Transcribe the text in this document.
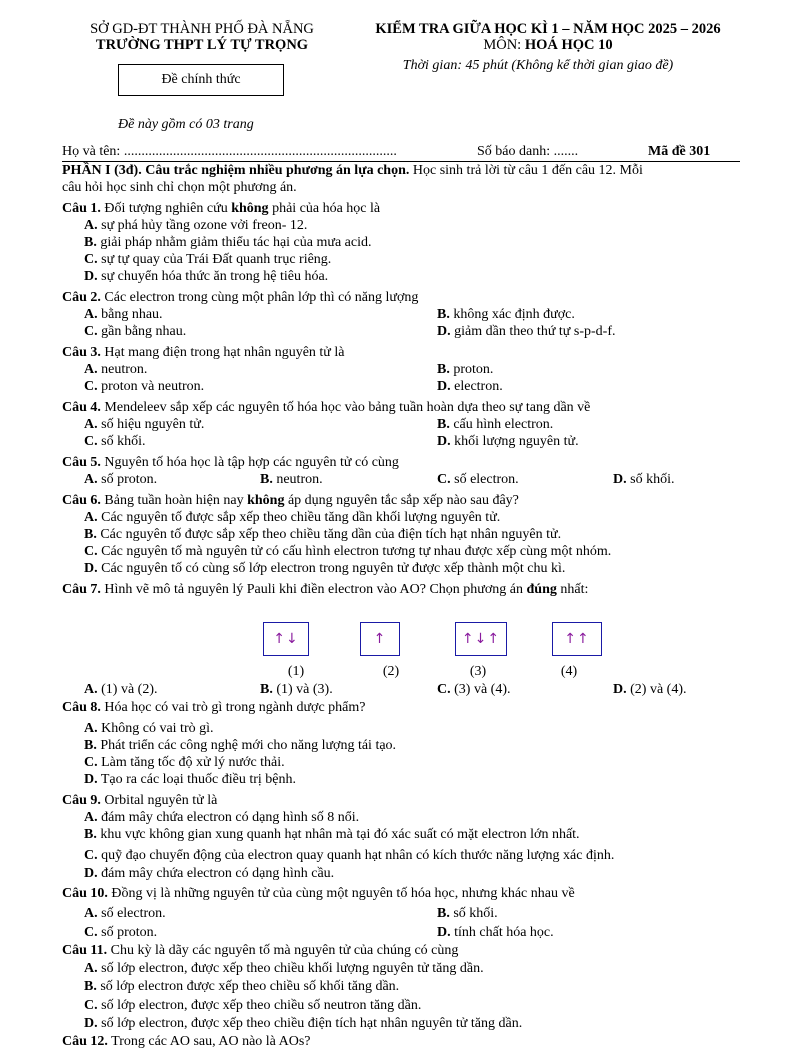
SỞ GD-ĐT THÀNH PHỐ ĐÀ NẴNG
TRƯỜNG THPT LÝ TỰ TRỌNG
KIỂM TRA GIỮA HỌC KÌ 1 – NĂM HỌC 2025 – 2026
MÔN: HOÁ HỌC 10
Thời gian: 45 phút (Không kể thời gian giao đề)
Đề chính thức
Đề này gồm có 03 trang
Họ và tên: ..............................................................................	Số báo danh: .......	Mã đề 301
PHẦN I (3đ). Câu trắc nghiệm nhiều phương án lựa chọn. Học sinh trả lời từ câu 1 đến câu 12. Mỗi
câu hỏi học sinh chỉ chọn một phương án.
Câu 1. Đối tượng nghiên cứu không phải của hóa học là
A. sự phá hủy tầng ozone vởi freon- 12.
B. giải pháp nhằm giảm thiểu tác hại của mưa acid.
C. sự tự quay của Trái Đất quanh trục riêng.
D. sự chuyển hóa thức ăn trong hệ tiêu hóa.
Câu 2. Các electron trong cùng một phân lớp thì có năng lượng
A. bằng nhau.	B. không xác định được.
C. gần bằng nhau.	D. giảm dần theo thứ tự s-p-d-f.
Câu 3. Hạt mang điện trong hạt nhân nguyên tử là
A. neutron.	B. proton.
C. proton và neutron.	D. electron.
Câu 4. Mendeleev sắp xếp các nguyên tố hóa học vào bảng tuần hoàn dựa theo sự tang dần về
A. số hiệu nguyên tử.	B. cấu hình electron.
C. số khối.	D. khối lượng nguyên tử.
Câu 5. Nguyên tố hóa học là tập hợp các nguyên tử có cùng
A. số proton.	B. neutron.	C. số electron.	D. số khối.
Câu 6. Bảng tuần hoàn hiện nay không áp dụng nguyên tắc sắp xếp nào sau đây?
A. Các nguyên tố được sắp xếp theo chiều tăng dần khối lượng nguyên tử.
B. Các nguyên tố được sắp xếp theo chiều tăng dần của điện tích hạt nhân nguyên tử.
C. Các nguyên tố mà nguyên tử có cấu hình electron tương tự nhau được xếp cùng một nhóm.
D. Các nguyên tố có cùng số lớp electron trong nguyên tử được xếp thành một chu kì.
Câu 7. Hình vẽ mô tả nguyên lý Pauli khi điền electron vào AO? Chọn phương án đúng nhất:
↑↓	↑	↑↓↑	↑↑
(1)	(2)	(3)	(4)
A. (1) và (2).	B. (1) và (3).	C. (3) và (4).	D. (2) và (4).
Câu 8. Hóa học có vai trò gì trong ngành dược phẩm?
A. Không có vai trò gì.
B. Phát triển các công nghệ mới cho năng lượng tái tạo.
C. Làm tăng tốc độ xử lý nước thải.
D. Tạo ra các loại thuốc điều trị bệnh.
Câu 9. Orbital nguyên tử là
A. đám mây chứa electron có dạng hình số 8 nổi.
B. khu vực không gian xung quanh hạt nhân mà tại đó xác suất có mặt electron lớn nhất.
C. quỹ đạo chuyển động của electron quay quanh hạt nhân có kích thước năng lượng xác định.
D. đám mây chứa electron có dạng hình cầu.
Câu 10. Đồng vị là những nguyên tử của cùng một nguyên tố hóa học, nhưng khác nhau về
A. số electron.	B. số khối.
C. số proton.	D. tính chất hóa học.
Câu 11. Chu kỳ là dãy các nguyên tố mà nguyên tử của chúng có cùng
A. số lớp electron, được xếp theo chiều khối lượng nguyên tử tăng dần.
B. số lớp electron được xếp theo chiều số khối tăng dần.
C. số lớp electron, được xếp theo chiều số neutron tăng dần.
D. số lớp electron, được xếp theo chiều điện tích hạt nhân nguyên tử tăng dần.
Câu 12. Trong các AO sau, AO nào là AOs?
